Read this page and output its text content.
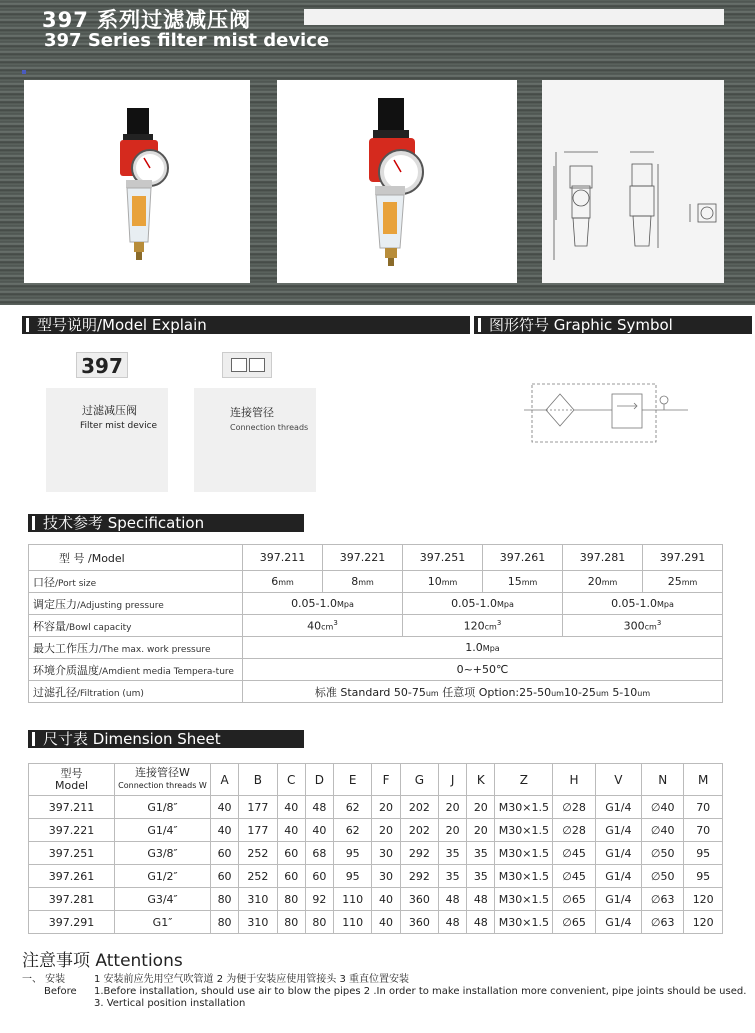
397 系列过滤减压阀
397 Series filter mist device
型号说明/Model Explain	图形符号 Graphic Symbol
397
过滤减压阀
Filter mist device
连接管径
Connection threads
技术参考 Specification
型 号 /Model	397.211	397.221	397.251	397.261	397.281	397.291
口径/Port size	6mm	8mm	10mm	15mm	20mm	25mm
调定压力/Adjusting pressure	0.05-1.0Mpa		0.05-1.0Mpa		0.05-1.0Mpa	
杯容量/Bowl capacity	$40cm^3$		$120cm^3$		$300cm^3$
最大工作压力/The max. work pressure	1.0Mpa					
环境介质温度/Amdient media Tempera-ture	0~+50℃					
过滤孔径/Filtration (um)	标准 Standard 50-75um 任意项 Option:25-50um10-25um 5-10um					
尺寸表 Dimension Sheet
型号
Model	连接管径W
Connection threads W	A	B	C	D	E	F	G	J	K	Z	H	V	N	M
397.211	G1/8″	40	177	40	48	62	20	202	20	20	M30×1.5	∅28	G1/4	∅40	70
397.221	G1/4″	40	177	40	40	62	20	202	20	20	M30×1.5	∅28	G1/4	∅40	70
397.251	G3/8″	60	252	60	68	95	30	292	35	35	M30×1.5	∅45	G1/4	∅50	95
397.261	G1/2″	60	252	60	60	95	30	292	35	35	M30×1.5	∅45	G1/4	∅50	95
397.281	G3/4″	80	310	80	92	110	40	360	48	48	M30×1.5	∅65	G1/4	∅63	120
397.291	G1″	80	310	80	80	110	40	360	48	48	M30×1.5	∅65	G1/4	∅63	120
注意事项 Attentions
一、 安装
Before
1 安装前应先用空气吹管道 2 为便于安装应使用管接头 3 重直位置安装
1.Before installation, should use air to blow the pipes 2 .In order to make installation more convenient, pipe joints should be used.
3. Vertical position installation
